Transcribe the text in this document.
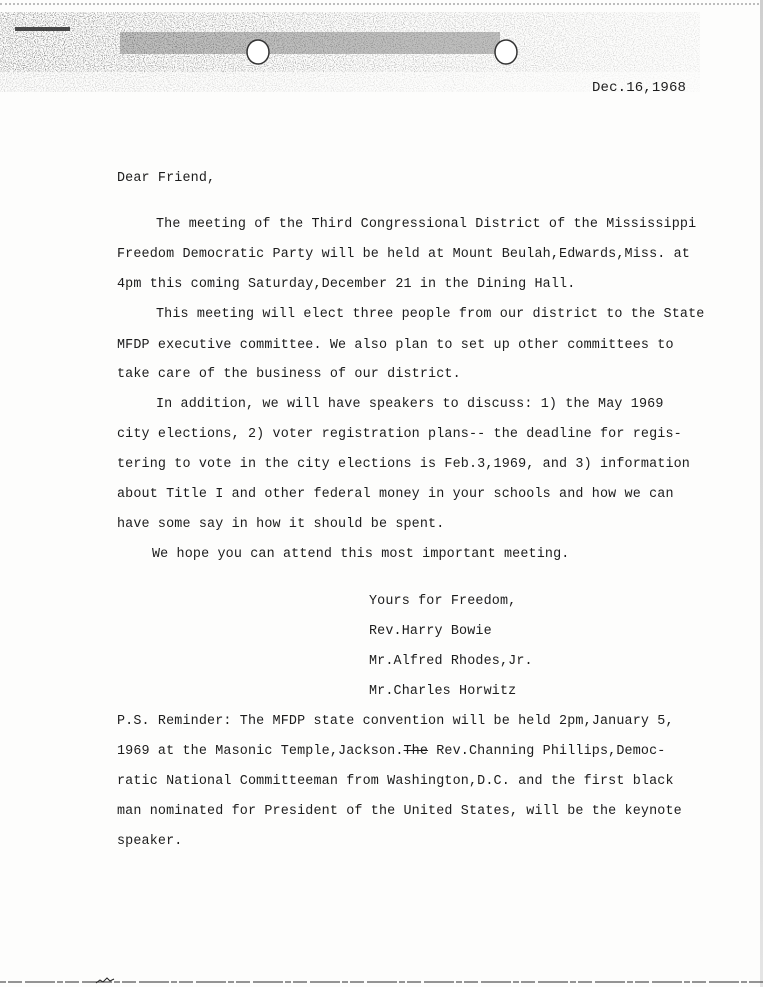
Dec.16,1968
Dear Friend,
The meeting of the Third Congressional District of the Mississippi
Freedom Democratic Party will be held at Mount Beulah,Edwards,Miss. at
4pm this coming Saturday,December 21 in the Dining Hall.
This meeting will elect three people from our district to the State
MFDP executive committee. We also plan to set up other committees to
take care of the business of our district.
In addition, we will have speakers to discuss: 1) the May 1969
city elections, 2) voter registration plans-- the deadline for regis-
tering to vote in the city elections is Feb.3,1969, and 3) information
about Title I and other federal money in your schools and how we can
have some say in how it should be spent.
We hope you can attend this most important meeting.
Yours for Freedom,
Rev.Harry Bowie
Mr.Alfred Rhodes,Jr.
Mr.Charles Horwitz
P.S. Reminder: The MFDP state convention will be held 2pm,January 5,
1969 at the Masonic Temple,Jackson.The Rev.Channing Phillips,Democ-
ratic National Committeeman from Washington,D.C. and the first black
man nominated for President of the United States, will be the keynote
speaker.
